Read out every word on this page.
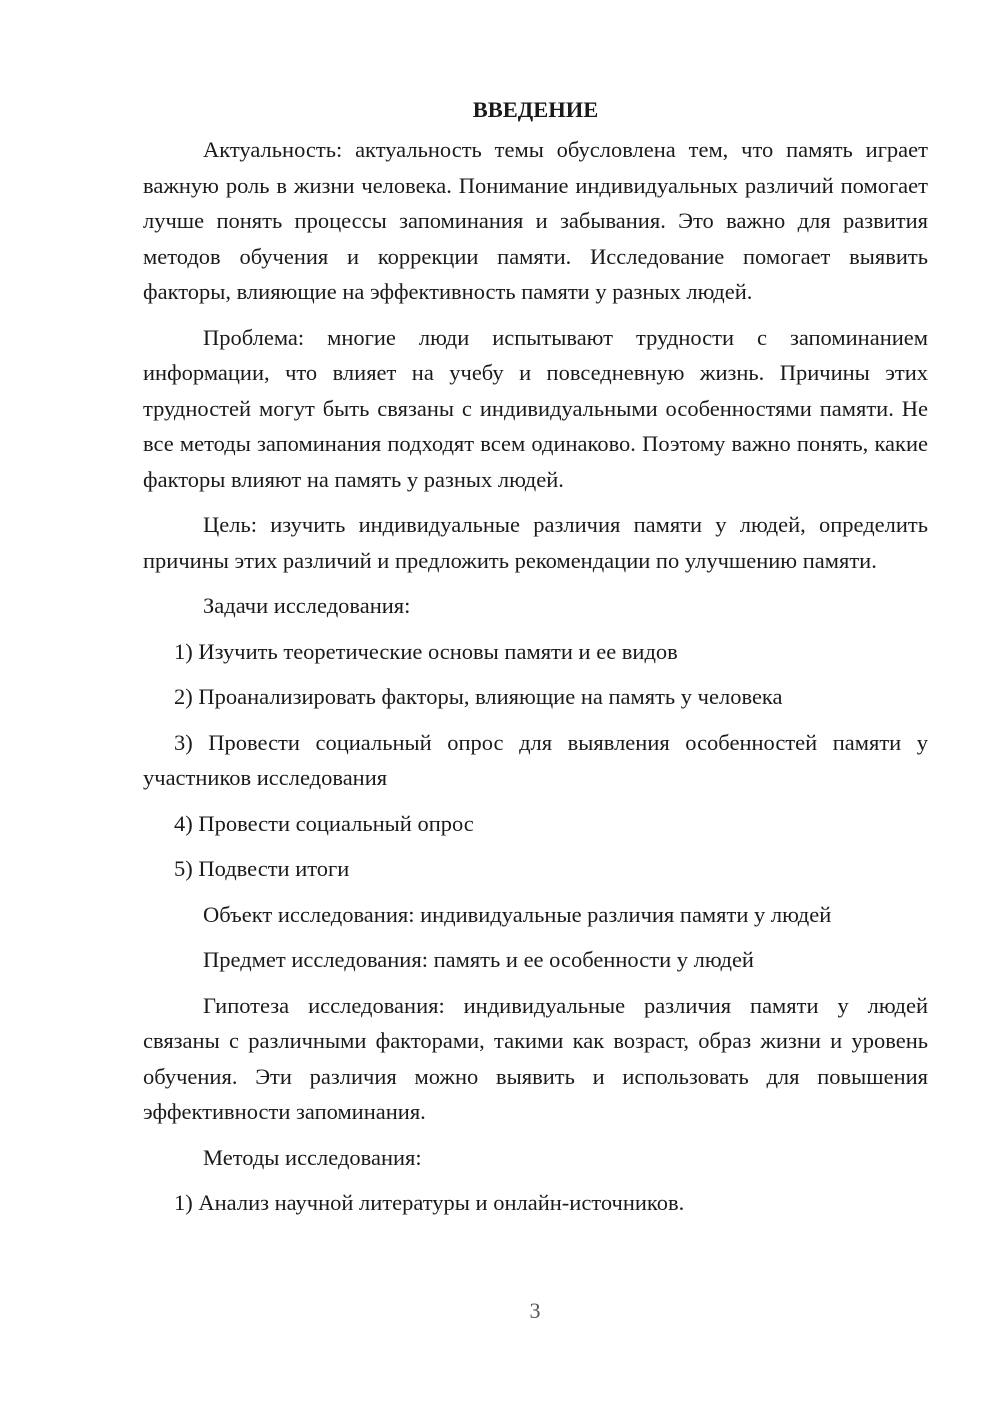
ВВЕДЕНИЕ

Актуальность: актуальность темы обусловлена тем, что память играет важную роль в жизни человека. Понимание индивидуальных различий помогает лучше понять процессы запоминания и забывания. Это важно для развития методов обучения и коррекции памяти. Исследование помогает выявить факторы, влияющие на эффективность памяти у разных людей.

Проблема: многие люди испытывают трудности с запоминанием информации, что влияет на учебу и повседневную жизнь. Причины этих трудностей могут быть связаны с индивидуальными особенностями памяти. Не все методы запоминания подходят всем одинаково. Поэтому важно понять, какие факторы влияют на память у разных людей.

Цель: изучить индивидуальные различия памяти у людей, определить причины этих различий и предложить рекомендации по улучшению памяти.

Задачи исследования:

1) Изучить теоретические основы памяти и ее видов

2) Проанализировать факторы, влияющие на память у человека

3) Провести социальный опрос для выявления особенностей памяти у участников исследования

4) Провести социальный опрос

5) Подвести итоги

Объект исследования: индивидуальные различия памяти у людей

Предмет исследования: память и ее особенности у людей

Гипотеза исследования: индивидуальные различия памяти у людей связаны с различными факторами, такими как возраст, образ жизни и уровень обучения. Эти различия можно выявить и использовать для повышения эффективности запоминания.

Методы исследования:

1) Анализ научной литературы и онлайн-источников.

3
